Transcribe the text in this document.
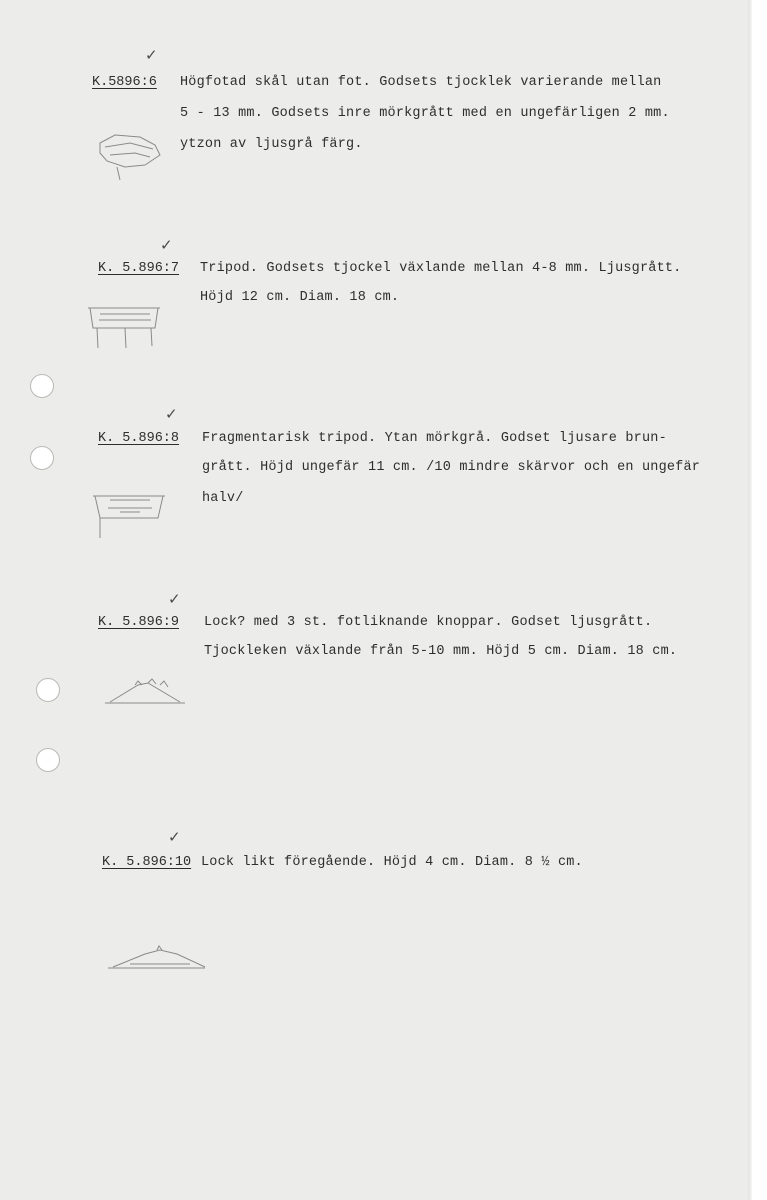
✓
K.5896:6 Högfotad skål utan fot. Godsets tjocklek varierande mellan
5 - 13 mm. Godsets inre mörkgrått med en ungefärligen 2 mm.
ytzon av ljusgrå färg.
✓
K. 5.896:7 Tripod. Godsets tjockel växlande mellan 4-8 mm. Ljusgrått.
Höjd 12 cm. Diam. 18 cm.
✓
K. 5.896:8 Fragmentarisk tripod. Ytan mörkgrå. Godset ljusare brun-
grått. Höjd ungefär 11 cm. /10 mindre skärvor och en ungefär
halv/
✓
K. 5.896:9 Lock? med 3 st. fotliknande knoppar. Godset ljusgrått.
Tjockleken växlande från 5-10 mm. Höjd 5 cm. Diam. 18 cm.
✓
K. 5.896:10 Lock likt föregående. Höjd 4 cm. Diam. 8 ½ cm.
